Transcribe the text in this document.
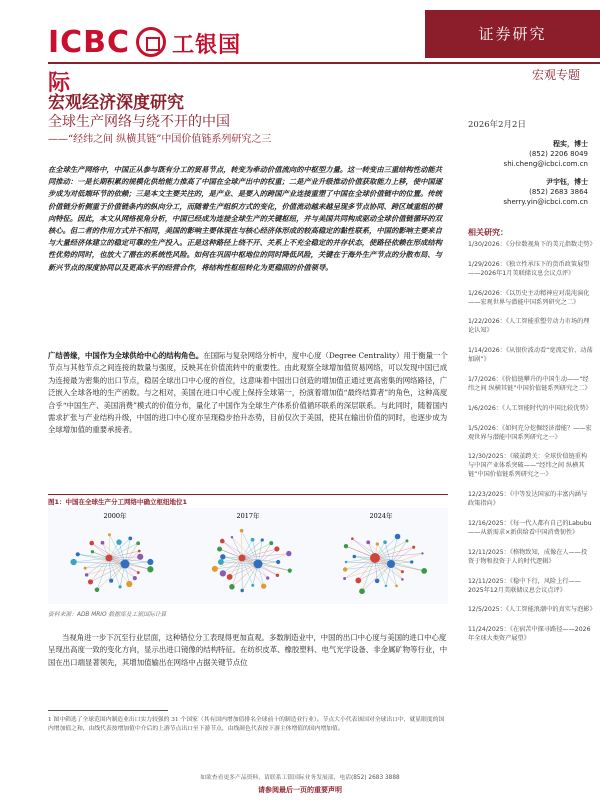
ICBC 工银国际
证券研究
宏观专题
宏观经济深度研究
全球生产网络与绕不开的中国
——“经纬之间 纵横其链”中国价值链系列研究之三
2026年2月2日
程实，博士
(852) 2206 8049
shi.cheng@icbci.com.cn
尹宇钰，博士
(852) 2683 3864
sherry.yin@icbci.com.cn
相关研究：
1/30/2026：《分位数视角下的美元指数走势》
1/29/2026：《独立性承压下的货币政策展望——2026年1月美联储议息会议点评》
1/26/2026：《以历史主动精神应对混沌演化——宏观世界与潜能中国系列研究之二》
1/22/2026：《人工智能重塑劳动力市场的理论认知》
1/14/2026：《从银价波动看“宽流定价、动荡加剧”》
1/7/2026：《价值链攀升的中国生动——“经纬之间 纵横其链”中国价值链系列研究之二》
1/6/2026：《人工智能时代的中国比较优势》
1/5/2026：《如何充分挖掘经济潜能？——宏观世界与潜能中国系列研究之一》
12/30/2025：《破茧跨关：全球价值链重构与中国产业体系突破——“经纬之间 纵横其链”中国价值链系列研究之一》
12/23/2025：《中等发达国家的丰富内涵与政策指向》
12/16/2025：《每一代人都有自己的Labubu——从新需求×新供给看中国消费韧性》
12/11/2025：《格物致知，成像在人——投资于物和投资于人的时代逻辑》
12/11/2025：《稳中下行，风险上行——2025年12月美联储议息会议点评》
12/5/2025：《人工智能浪潮中的真实与泡影》
11/24/2025：《在宿苦中探寻路径——2026年全球大类资产展望》
在全球生产网络中，中国正从参与既有分工的贸易节点，转变为牵动价值流向的中枢型力量。这一转变由三重结构性动能共同推动：一是长期积累的规模化供给能力推高了中国在全球产出中的权重；二是产业升级推动价值获取能力上移，使中国逐步成为对低端环节的依赖；三是本文主要关注的，是产业、是要入的跨国产业连接重塑了中国在全球价值链中的位置。传统价值链分析侧重于价值链条内的纵向分工，而随着生产组织方式的变化，价值流动越来越呈现多节点协同、跨区域重组的横向特征。因此，本文从网络视角分析，中国已经成为连接全球生产的关键枢纽，并与美国共同构成驱动全球价值链循环的双核心。但二者的作用方式并不相同，美国的影响主要体现在与核心经济体形成的较高稳定的黏性联系，中国的影响主要来自与大量经济体建立的稳定可靠的生产投入。正是这种路径上绕不开、关系上不充全稳定的并存状态，使路径依赖在形成结构性优势的同时，也放大了潜在的系统性风险。如何在巩固中枢地位的同时降低风险，关键在于海外生产节点的分散布局、与新兴节点的深度协同以及更高水平的经营合作，将结构性枢纽转化为更稳固的价值领导。
广结善缘，中国作为全球供给中心的结构角色。在国际与复杂网络分析中，度中心度（Degree Centrality）用于衡量一个节点与其他节点之间连接的数量与强度，反映其在价值流转中的重要性。由此观察全球增加值贸易网络，可以发现中国已成为连接最为密集的出口节点，稳居全球出口中心度的首位，这意味着中国出口创造的增加值正通过更高密集的网络路径，广泛嵌入全球各地的生产函数。与之相对，美国在进口中心度上保持全球第一，扮演着增加值“最终结算者”的角色，这种高度合乎“中国生产、美国消费”模式的价值分布，量化了中国作为全球生产体系价值循环联系的深层联系。与此同时，随着国内需求扩张与产业结构升级，中国的进口中心度亦呈现稳步抬升态势，目前仅次于美国，使其在输出价值的同时，也逐步成为全球增加值的重要承接者。
图1：中国在全球生产分工网络中确立枢纽地位1
2000年	2017年	2024年
资料来源：ADB MRIO 数据库及工银国际计算
当视角进一步下沉至行业层面，这种错位分工表现得更加直观。多数制造业中，中国的出口中心度与美国的进口中心度呈现出高度一致的变化方向，显示出进口镜像的结构特征。在纺织皮革、橡胶塑料、电气光学设备、非金属矿物等行业，中国在出口端显著领先，其增加值输出在网络中占据关键节点位
1 图中筛选了全球范围内制造业出口实力较强的 31 个国家（其有国内增加值排名全球前十的制造业行业）。节点大小代表该国对全球出口中，就显眼度的国内增加值之和，由线代表按增加值中介后的上游节点出口至下游节点，由线颜色代表按下游主体增值的国内增加值。
如欲查看更多产品资料，请联系工银国际业务发展部，电话(852) 2683 3888
请参阅最后一页的重要声明
